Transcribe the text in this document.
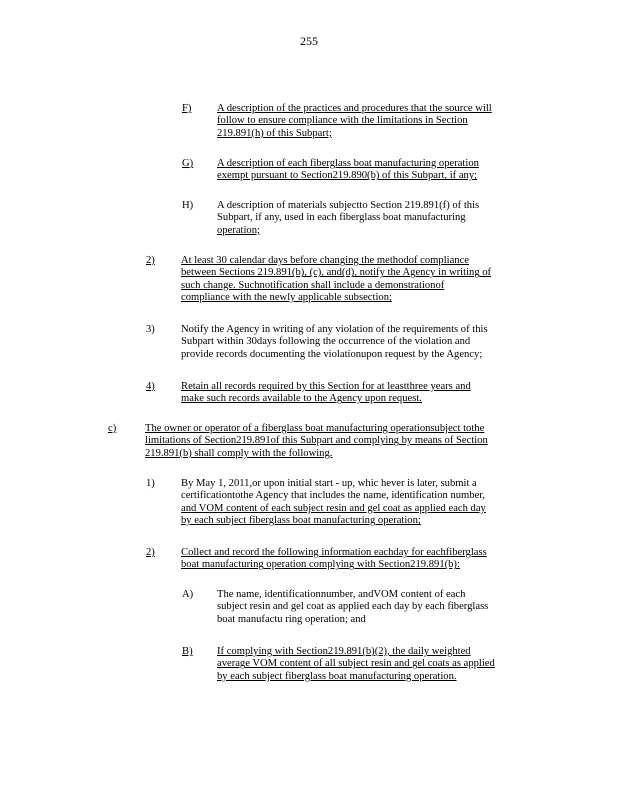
255
F) A description of the practices and procedures that the source will
follow to ensure compliance with the limitations in Section
219.891(h) of this Subpart;
G) A description of each fiberglass boat manufacturing operation
exempt pursuant to Section219.890(b) of this Subpart, if any;
H) A description of materials subjectto Section 219.891(f) of this
Subpart, if any, used in each fiberglass boat manufacturing
operation;
2) At least 30 calendar days before changing the methodof compliance
between Sections 219.891(b), (c), and(d), notify the Agency in writing of
such change. Suchnotification shall include a demonstrationof
compliance with the newly applicable subsection;
3) Notify the Agency in writing of any violation of the requirements of this
Subpart within 30days following the occurrence of the violation and
provide records documenting the violationupon request by the Agency;
4) Retain all records required by this Section for at leastthree years and
make such records available to the Agency upon request.
c)	The owner or operator of a fiberglass boat manufacturing operationsubject tothe
limitations of Section219.891of this Subpart and complying by means of Section
219.891(b) shall comply with the following.
1) By May 1, 2011,or upon initial start - up, whic hever is later, submit a
certificationtothe Agency that includes the name, identification number,
and VOM content of each subject resin and gel coat as applied each day
by each subject fiberglass boat manufacturing operation;
2) Collect and record the following information eachday for eachfiberglass
boat manufacturing operation complying with Section219.891(b):
A) The name, identificationnumber, andVOM content of each
subject resin and gel coat as applied each day by each fiberglass
boat manufactu ring operation; and
B) If complying with Section219.891(b)(2), the daily weighted
average VOM content of all subject resin and gel coats as applied
by each subject fiberglass boat manufacturing operation.
